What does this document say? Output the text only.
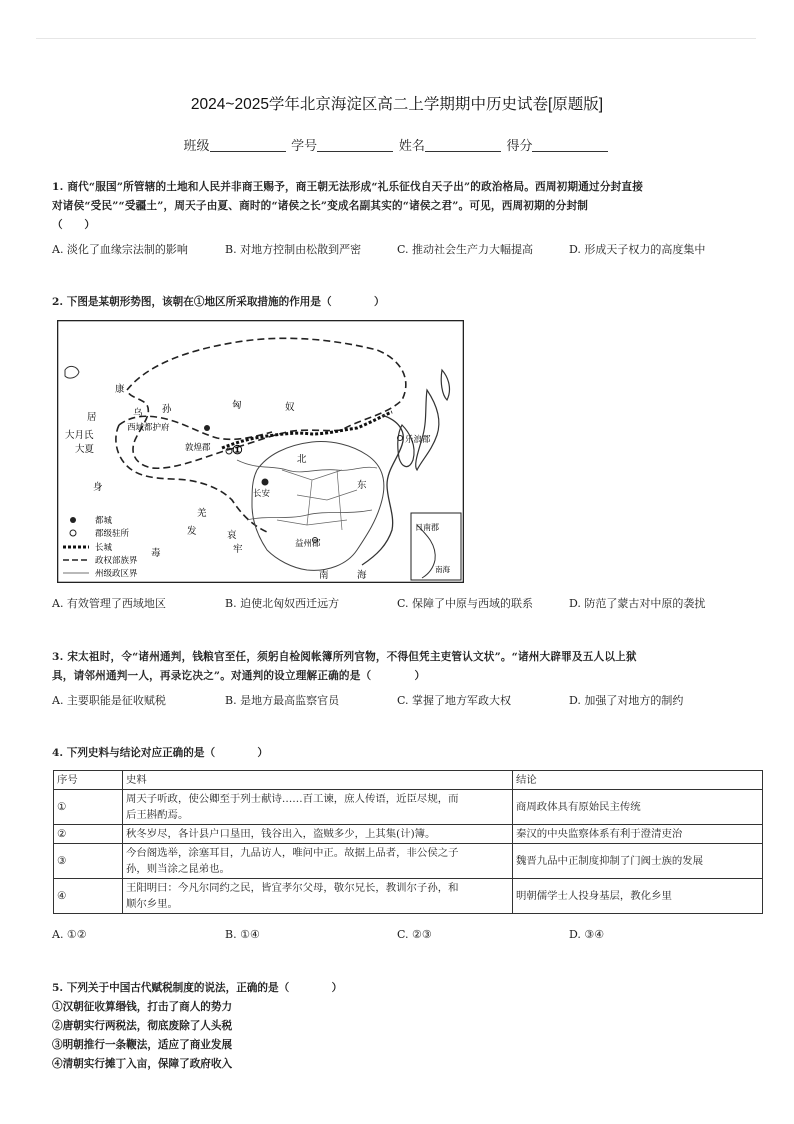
2024~2025学年北京海淀区高二上学期期中历史试卷[原题版]
班级	学号	姓名	得分
1. 商代“服国”所管辖的土地和人民并非商王赐予，商王朝无法形成“礼乐征伐自天子出”的政治格局。西周初期通过分封直接
对诸侯“受民”“受疆土”，周天子由夏、商时的“诸侯之长”变成名副其实的“诸侯之君”。可见，西周初期的分封制
（　　）
A. 淡化了血缘宗法制的影响	B. 对地方控制由松散到严密	C. 推动社会生产力大幅提高	D. 形成天子权力的高度集中
2. 下图是某朝形势图，该朝在①地区所采取措施的作用是（　　　　）
康
居
大月氏
大夏
身
毒
乌 孙
西域都护府
敦煌郡
匈	奴
乐浪郡
长安
羌
发	哀
牢	益州郡
南	海
北
东
日南郡
南海
①
都城
郡级驻所
长城
政权部族界
州级政区界
A. 有效管理了西域地区	B. 迫使北匈奴西迁远方	C. 保障了中原与西域的联系	D. 防范了蒙古对中原的袭扰
3. 宋太祖时，令“诸州通判，钱粮官至任，须躬自检阅帐簿所列官物，不得但凭主吏管认文状”。“诸州大辟罪及五人以上狱
具，请邻州通判一人，再录讫决之”。对通判的设立理解正确的是（　　　　）
A. 主要职能是征收赋税	B. 是地方最高监察官员	C. 掌握了地方军政大权	D. 加强了对地方的制约
4. 下列史料与结论对应正确的是（　　　　）
序号	史料	结论
①	周天子听政，使公卿至于列士献诗……百工谏，庶人传语，近臣尽规，而
后王斟酌焉。	商周政体具有原始民主传统
②	秋冬岁尽，各计县户口垦田，钱谷出入，盗贼多少，上其集(计)簿。	秦汉的中央监察体系有利于澄清吏治
③	今台阁选举，涂塞耳目，九品访人，唯问中正。故据上品者，非公侯之子
孙，则当涂之昆弟也。	魏晋九品中正制度抑制了门阀士族的发展
④	王阳明曰：今凡尔同约之民，皆宜孝尔父母，敬尔兄长，教训尔子孙，和
顺尔乡里。	明朝儒学士人投身基层，教化乡里
A. ①②	B. ①④	C. ②③	D. ③④
5. 下列关于中国古代赋税制度的说法，正确的是（　　　　）
①汉朝征收算缗钱，打击了商人的势力
②唐朝实行两税法，彻底废除了人头税
③明朝推行一条鞭法，适应了商业发展
④清朝实行摊丁入亩，保障了政府收入
